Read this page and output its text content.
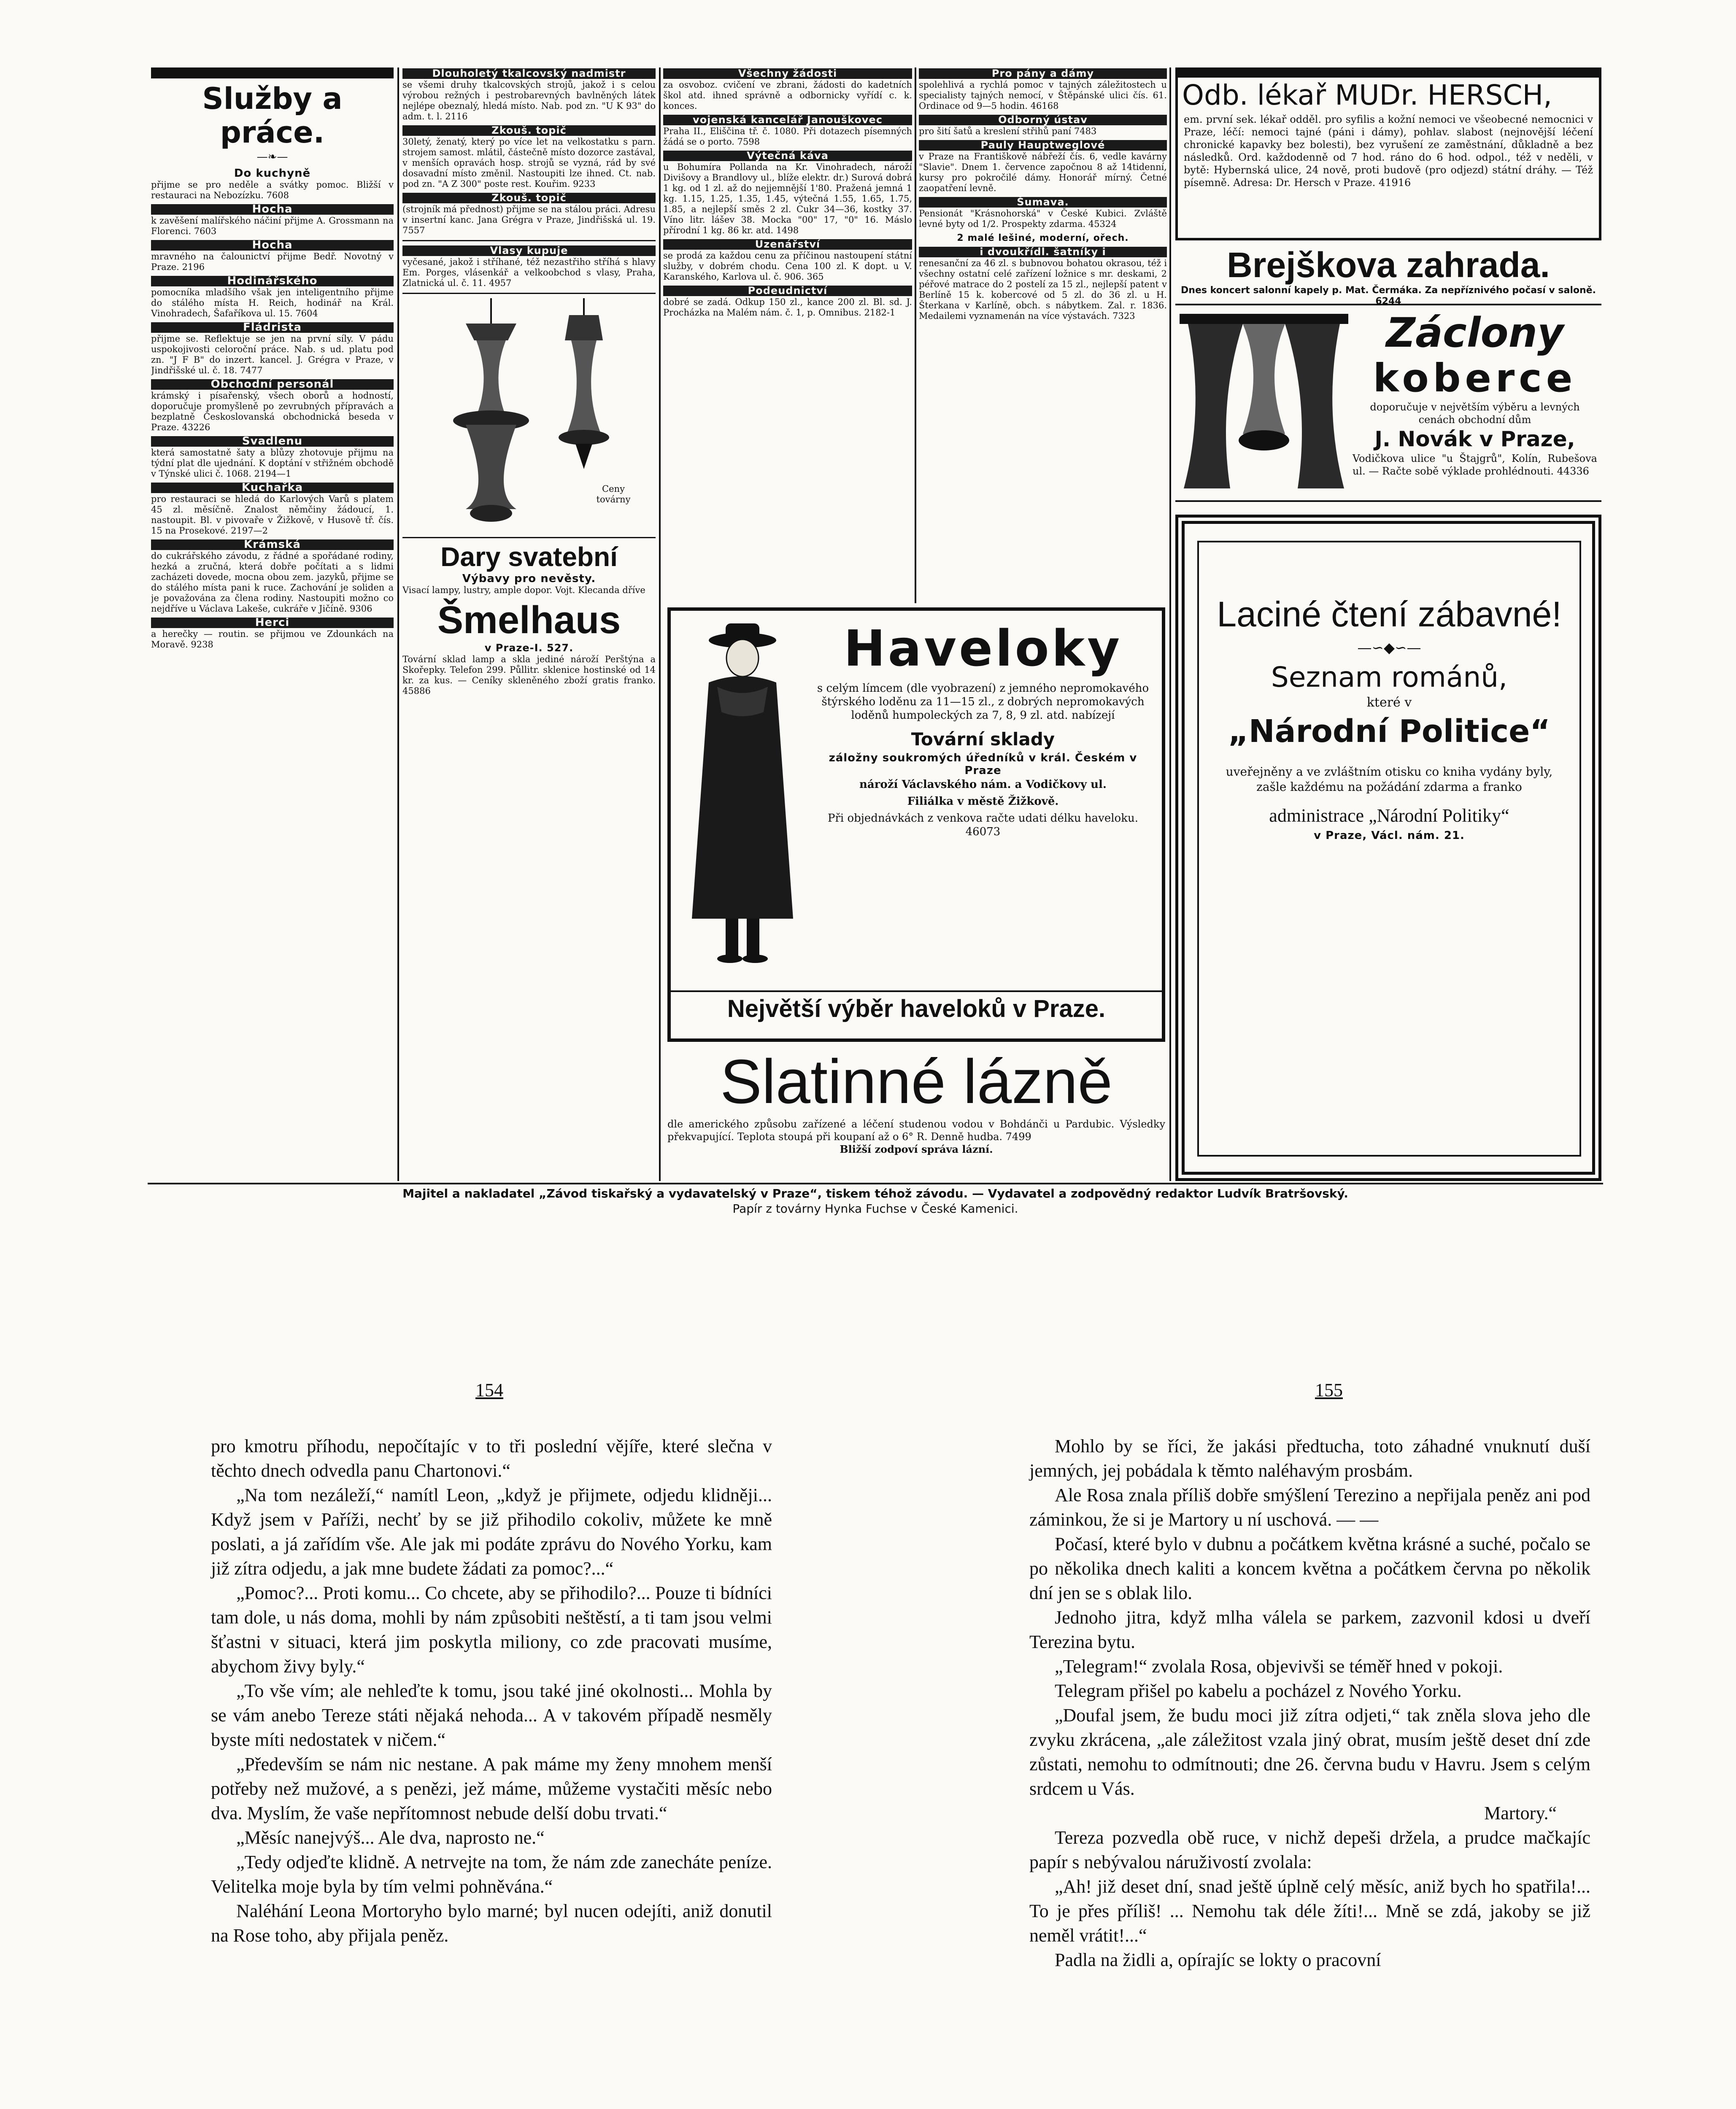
Služby a práce.
—❧—
Do kuchyně

přijme se pro neděle a svátky pomoc. Bližší v restauraci na Nebozízku. 7608

Hocha

k zavěšení malířského náčiní přijme A. Grossmann na Florenci. 7603

Hocha

mravného na čalounictví přijme Bedř. Novotný v Praze. 2196

Hodinářského

pomocníka mladšího však jen inteligentního přijme do stálého místa H. Reich, hodinář na Král. Vinohradech, Šafaříkova ul. 15. 7604

Fládrista

přijme se. Reflektuje se jen na první síly. V pádu uspokojivosti celoroční práce. Nab. s ud. platu pod zn. "J F B" do inzert. kancel. J. Grégra v Praze, v Jindřišské ul. č. 18. 7477

Obchodní personál

krámský i písařenský, všech oborů a hodností, doporučuje promyšleně po zevrubných přípravách a bezplatně Českoslovanská obchodnická beseda v Praze. 43226

Švadlenu

která samostatně šaty a blůzy zhotovuje přijmu na týdní plat dle ujednání. K doptání v střižném obchodě v Týnské ulici č. 1068. 2194—1

Kuchařka

pro restauraci se hledá do Karlových Varů s platem 45 zl. měsíčně. Znalost němčiny žádoucí, 1. nastoupit. Bl. v pivovaře v Žižkově, v Husově tř. čís. 15 na Prosekové. 2197—2

Krámská

do cukrářského závodu, z řádné a spořádané rodiny, hezká a zručná, která dobře počítati a s lidmi zacházeti dovede, mocna obou zem. jazyků, přijme se do stálého místa pani k ruce. Zachování je soliden a je považována za člena rodiny. Nastoupiti možno co nejdříve u Václava Lakeše, cukráře v Jičíně. 9306

Herci

a herečky — routin. se přijmou ve Zdounkách na Moravě. 9238

Dlouholetý tkalcovský nadmistr

se všemi druhy tkalcovských strojů, jakož i s celou výrobou režných i pestrobarevných bavlněných látek nejlépe obeznalý, hledá místo. Nab. pod zn. "U K 93" do adm. t. l. 2116

Zkouš. topič

30letý, ženatý, který po více let na velkostatku s parn. strojem samost. mlátil, částečně místo dozorce zastával, v menších opravách hosp. strojů se vyzná, rád by své dosavadní místo změnil. Nastoupiti lze ihned. Ct. nab. pod zn. "A Z 300" poste rest. Kouřim. 9233

Zkouš. topič

(strojník má přednost) přijme se na stálou práci. Adresu v insertní kanc. Jana Grégra v Praze, Jindřišská ul. 19. 7557

Vlasy kupuje

vyčesané, jakož i stříhané, též nezastřiho stříhá s hlavy Em. Porges, vlásenkář a velkoobchod s vlasy, Praha, Zlatnická ul. č. 11. 4957

Ceny továrny
Dary svatební
Výbavy pro nevěsty.
Visací lampy, lustry, ample dopor. Vojt. Klecanda dříve
Šmelhaus
v Praze-I. 527.
Tovární sklad lamp a skla jediné nároží Perštýna a Skořepky. Telefon 299. Půllitr. sklenice hostinské od 14 kr. za kus. — Ceníky skleněného zboží gratis franko. 45886
Všechny žádosti

za osvoboz. cvičení ve zbrani, žádosti do kadetních škol atd. ihned správně a odbornicky vyřídí c. k. konces.

vojenská kancelář Janouškovec

Praha II., Eliščina tř. č. 1080. Při dotazech písemných žádá se o porto. 7598

Výtečná káva

u Bohumíra Pollanda na Kr. Vinohradech, nároží Divišovy a Brandlovy ul., blíže elektr. dr.) Surová dobrá 1 kg. od 1 zl. až do nejjemnější 1'80. Pražená jemná 1 kg. 1.15, 1.25, 1.35, 1.45, výtečná 1.55, 1.65, 1.75, 1.85, a nejlepší směs 2 zl. Cukr 34—36, kostky 37. Víno litr. lášev 38. Mocka "00" 17, "0" 16. Máslo přírodní 1 kg. 86 kr. atd. 1498

Uzenářství

se prodá za každou cenu za příčinou nastoupení státní služby, v dobrém chodu. Cena 100 zl. K dopt. u V. Karanského, Karlova ul. č. 906. 365

Podeudnictví

dobré se zadá. Odkup 150 zl., kance 200 zl. Bl. sd. J. Procházka na Malém nám. č. 1, p. Omnibus. 2182-1

Pro pány a dámy

spolehlivá a rychlá pomoc v tajných záležitostech u specialisty tajných nemocí, v Štěpánské ulici čís. 61. Ordinace od 9—5 hodin. 46168

Odborný ústav

pro šití šatů a kreslení střihů paní 7483

Pauly Hauptweglové

v Praze na Františkově nábřeží čís. 6, vedle kavárny "Slavie". Dnem 1. července započnou 8 až 14tidenní, kursy pro pokročilé dámy. Honorář mírný. Četné zaopatření levně.

Šumava.

Pensionát "Krásnohorská" v České Kubici. Zvláště levné byty od 1/2. Prospekty zdarma. 45324

2 malé lešiné, moderní, ořech.

i dvoukřídl. šatníky i

renesanční za 46 zl. s bubnovou bohatou okrasou, též i všechny ostatní celé zařízení ložnice s mr. deskami, 2 péřové matrace do 2 postelí za 15 zl., nejlepší patent v Berlíně 15 k. kobercové od 5 zl. do 36 zl. u H. Šterkana v Karlíně, obch. s nábytkem. Zal. r. 1836. Medailemi vyznamenán na více výstavách. 7323

Haveloky
s celým límcem (dle vyobrazení) z jemného nepromokavého štýrského loděnu za 11—15 zl., z dobrých nepromokavých loděnů humpoleckých za 7, 8, 9 zl. atd. nabízejí
Tovární sklady
záložny soukromých úředníků v král. Českém v Praze
nároží Václavského nám. a Vodičkovy ul.
Filiálka v městě Žižkově.
Při objednávkách z venkova račte udati délku haveloku. 46073
Největší výběr haveloků v Praze.
Slatinné lázně
dle amerického způsobu zařízené a léčení studenou vodou v Bohdánči u Pardubic. Výsledky překvapující. Teplota stoupá při koupaní až o 6° R. Denně hudba. 7499
Bližší zodpoví správa lázní.
Odb. lékař MUDr. HERSCH,
em. první sek. lékař odděl. pro syfilis a kožní nemoci ve všeobecné nemocnici v Praze, léčí: nemoci tajné (páni i dámy), pohlav. slabost (nejnovější léčení chronické kapavky bez bolesti), bez vyrušení ze zaměstnání, důkladně a bez následků. Ord. každodenně od 7 hod. ráno do 6 hod. odpol., též v neděli, v bytě: Hybernská ulice, 24 nově, proti budově (pro odjezd) státní dráhy. — Též písemně. Adresa: Dr. Hersch v Praze. 41916
Brejškova zahrada.
Dnes koncert salonní kapely p. Mat. Čermáka. Za nepříznivého počasí v saloně. 6244
Záclony
koberce
doporučuje v největším výběru a levných cenách obchodní dům
J. Novák v Praze,
Vodičkova ulice "u Štajgrů", Kolín, Rubešova ul. — Račte sobě výklade prohlédnouti. 44336
Laciné čtení zábavné!
—∽◆∽—
Seznam románů,
které v
„Národní Politice“
uveřejněny a ve zvláštním otisku co kniha vydány byly, zašle každému na požádání zdarma a franko
administrace „Národní Politiky“
v Praze, Václ. nám. 21.
Majitel a nakladatel „Závod tiskařský a vydavatelský v Praze“, tiskem téhož závodu. — Vydavatel a zodpovědný redaktor Ludvík Bratršovský.
Papír z továrny Hynka Fuchse v České Kamenici.
154	155

pro kmotru příhodu, nepočítajíc v to tři poslední vějíře, které slečna v těchto dnech odvedla panu Chartonovi.“

„Na tom nezáleží,“ namítl Leon, „když je přijmete, odjedu klidněji... Když jsem v Paříži, nechť by se již přihodilo cokoliv, můžete ke mně poslati, a já zařídím vše. Ale jak mi podáte zprávu do Nového Yorku, kam již zítra odjedu, a jak mne budete žádati za pomoc?...“

„Pomoc?... Proti komu... Co chcete, aby se přihodilo?... Pouze ti bídníci tam dole, u nás doma, mohli by nám způsobiti neštěstí, a ti tam jsou velmi šťastni v situaci, která jim poskytla miliony, co zde pracovati musíme, abychom živy byly.“

„To vše vím; ale nehleďte k tomu, jsou také jiné okolnosti... Mohla by se vám anebo Tereze státi nějaká nehoda... A v takovém případě nesměly byste míti nedostatek v ničem.“

„Především se nám nic nestane. A pak máme my ženy mnohem menší potřeby než mužové, a s penězi, jež máme, můžeme vystačiti měsíc nebo dva. Myslím, že vaše nepřítomnost nebude delší dobu trvati.“

„Měsíc nanejvýš... Ale dva, naprosto ne.“

„Tedy odjeďte klidně. A netrvejte na tom, že nám zde zanecháte peníze. Velitelka moje byla by tím velmi pohněvána.“

Naléhání Leona Mortoryho bylo marné; byl nucen odejíti, aniž donutil na Rose toho, aby přijala peněz.

Mohlo by se říci, že jakási předtucha, toto záhadné vnuknutí duší jemných, jej pobádala k těmto naléhavým prosbám.

Ale Rosa znala příliš dobře smýšlení Terezino a nepřijala peněz ani pod záminkou, že si je Martory u ní uschová. — —

Počasí, které bylo v dubnu a počátkem května krásné a suché, počalo se po několika dnech kaliti a koncem května a počátkem června po několik dní jen se s oblak lilo.

Jednoho jitra, když mlha válela se parkem, zazvonil kdosi u dveří Terezina bytu.

„Telegram!“ zvolala Rosa, objevivši se téměř hned v pokoji.

Telegram přišel po kabelu a pocházel z Nového Yorku.

„Doufal jsem, že budu moci již zítra odjeti,“ tak zněla slova jeho dle zvyku zkrácena, „ale záležitost vzala jiný obrat, musím ještě deset dní zde zůstati, nemohu to odmítnouti; dne 26. června budu v Havru. Jsem s celým srdcem u Vás.

Martory.“

Tereza pozvedla obě ruce, v nichž depeši držela, a prudce mačkajíc papír s nebývalou náruživostí zvolala:

„Ah! již deset dní, snad ještě úplně celý měsíc, aniž bych ho spatřila!... To je přes příliš! ... Nemohu tak déle žíti!... Mně se zdá, jakoby se již neměl vrátit!...“

Padla na židli a, opírajíc se lokty o pracovní
